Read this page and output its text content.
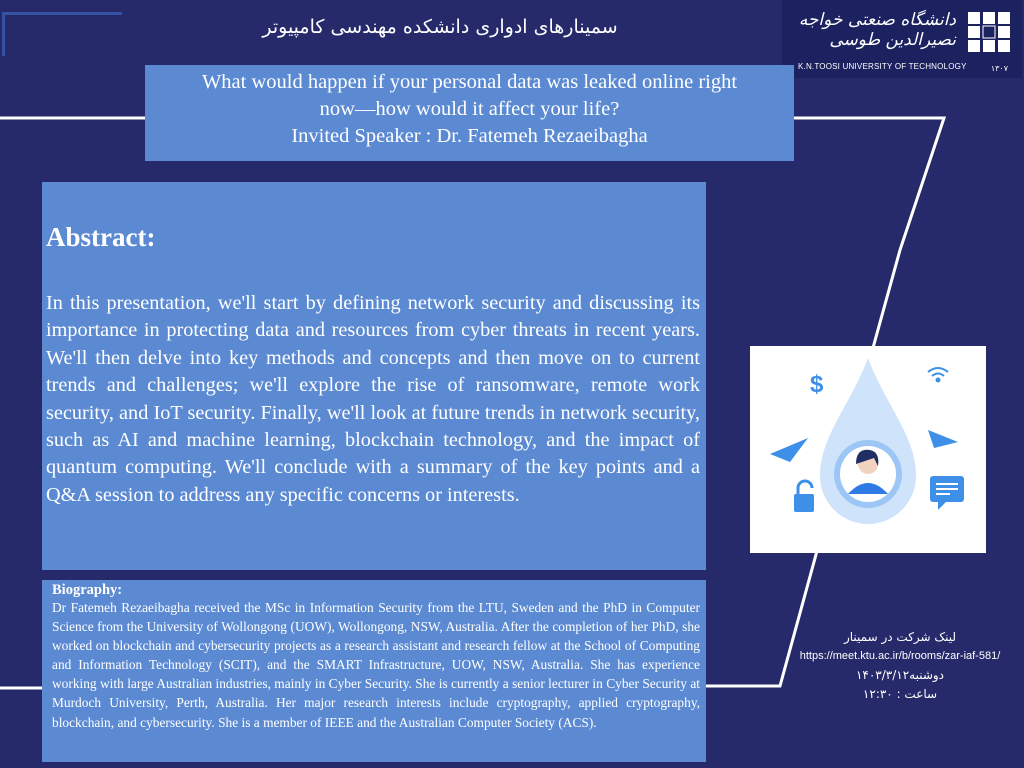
سمینارهای ادواری دانشکده مهندسی کامپیوتر	دانشگاه صنعتی خواجه نصیرالدین طوسی
K.N.TOOSI UNIVERSITY OF TECHNOLOGY	۱۳۰۷
What would happen if your personal data was leaked online right
now—how would it affect your life?
Invited Speaker : Dr. Fatemeh Rezaeibagha
Abstract:
In this presentation, we'll start by defining network security and discussing its importance in protecting data and resources from cyber threats in recent years. We'll then delve into key methods and concepts and then move on to current trends and challenges; we'll explore the rise of ransomware, remote work security, and IoT security. Finally, we'll look at future trends in network security, such as AI and machine learning, blockchain technology, and the impact of quantum computing. We'll conclude with a summary of the key points and a Q&A session to address any specific concerns or interests.
Biography:
Dr Fatemeh Rezaeibagha received the MSc in Information Security from the LTU, Sweden and the PhD in Computer Science from the University of Wollongong (UOW), Wollongong, NSW, Australia. After the completion of her PhD, she worked on blockchain and cybersecurity projects as a research assistant and research fellow at the School of Computing and Information Technology (SCIT), and the SMART Infrastructure, UOW, NSW, Australia. She has experience working with large Australian industries, mainly in Cyber Security. She is currently a senior lecturer in Cyber Security at Murdoch University, Perth, Australia. Her major research interests include cryptography, applied cryptography, blockchain, and cybersecurity. She is a member of IEEE and the Australian Computer Society (ACS).
$
لینک شرکت در سمینار
https://meet.ktu.ac.ir/b/rooms/zar-iaf-581/
دوشنبه۱۴۰۳/۳/۱۲
ساعت : ۱۲:۳۰
